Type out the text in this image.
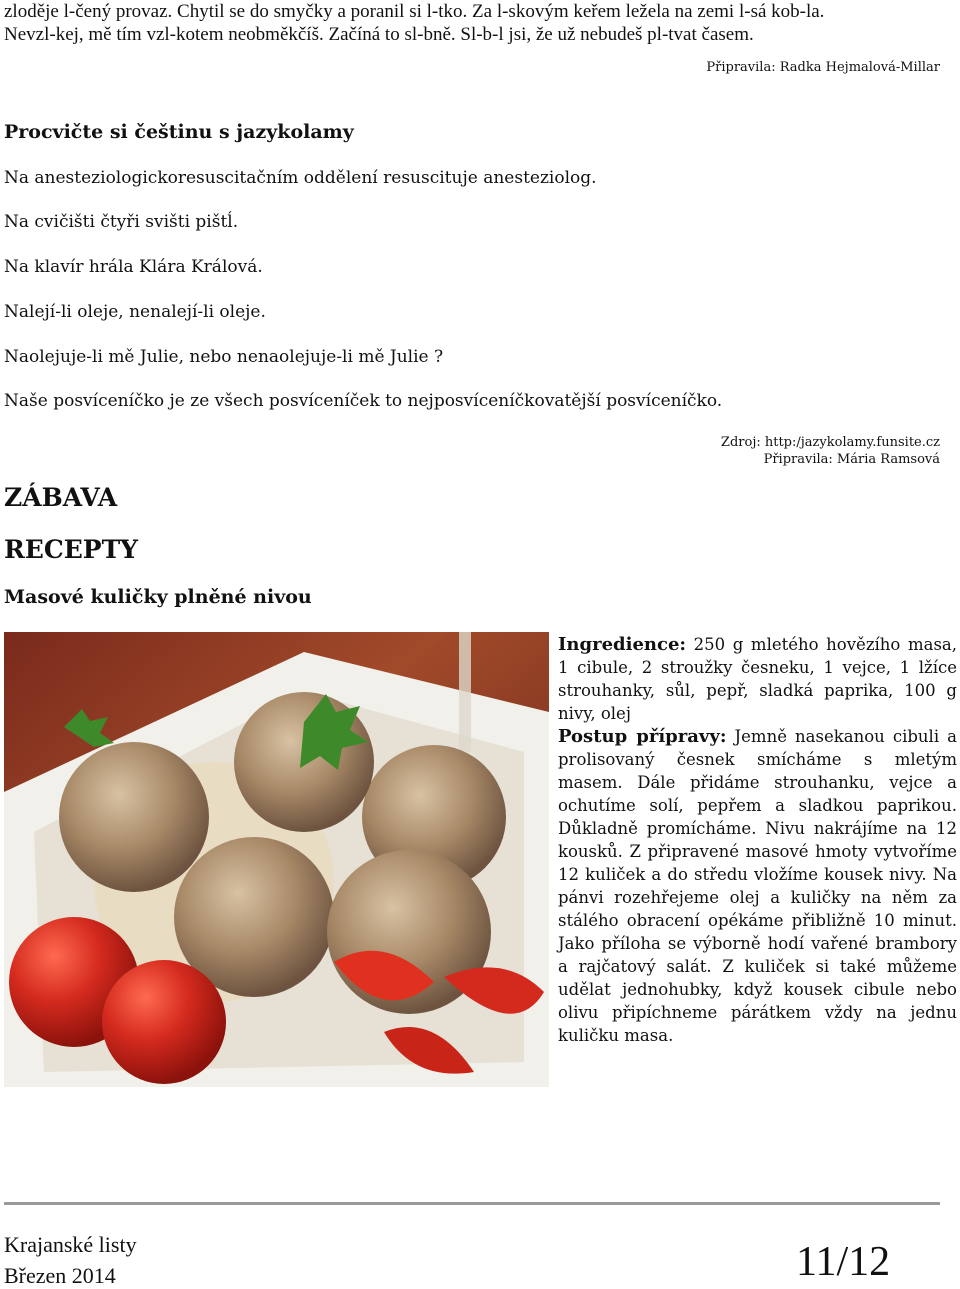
zloděje l-čený provaz. Chytil se do smyčky a poranil si l-tko. Za l-skovým keřem ležela na zemi l-sá kob-la.
Nevzl-kej, mě tím vzl-kotem neobměkčíš. Začíná to sl-bně. Sl-b-l jsi, že už nebudeš pl-tvat časem.
Připravila: Radka Hejmalová-Millar
Procvičte si češtinu s jazykolamy
Na anesteziologickoresuscitačním oddělení resuscituje anesteziolog.
Na cvičišti čtyři svišti pištĺ.
Na klavír hrála Klára Králová.
Nalejí-li oleje, nenalejí-li oleje.
Naolejuje-li mě Julie, nebo nenaolejuje-li mě Julie ?
Naše posvíceníčko je ze všech posvíceníček to nejposvíceníčkovatější posvíceníčko.
Zdroj: http:/jazykolamy.funsite.cz
Připravila: Mária Ramsová
ZÁBAVA
RECEPTY
Masové kuličky plněné nivou
Ingredience: 250 g mletého hovězího masa, 1 cibule, 2 stroužky česneku, 1 vejce, 1 lžíce strouhanky, sůl, pepř, sladká paprika, 100 g nivy, olej
Postup přípravy: Jemně nasekanou cibuli a prolisovaný česnek smícháme s mletým masem. Dále přidáme strouhanku, vejce a ochutíme solí, pepřem a sladkou paprikou. Důkladně promícháme. Nivu nakrájíme na 12 kousků. Z připravené masové hmoty vytvoříme 12 kuliček a do středu vložíme kousek nivy. Na pánvi rozehřejeme olej a kuličky na něm za stálého obracení opékáme přibližně 10 minut. Jako příloha se výborně hodí vařené brambory a rajčatový salát. Z kuliček si také můžeme udělat jednohubky, když kousek cibule nebo olivu připíchneme párátkem vždy na jednu kuličku masa.
Krajanské listy
Březen 2014	11/12
